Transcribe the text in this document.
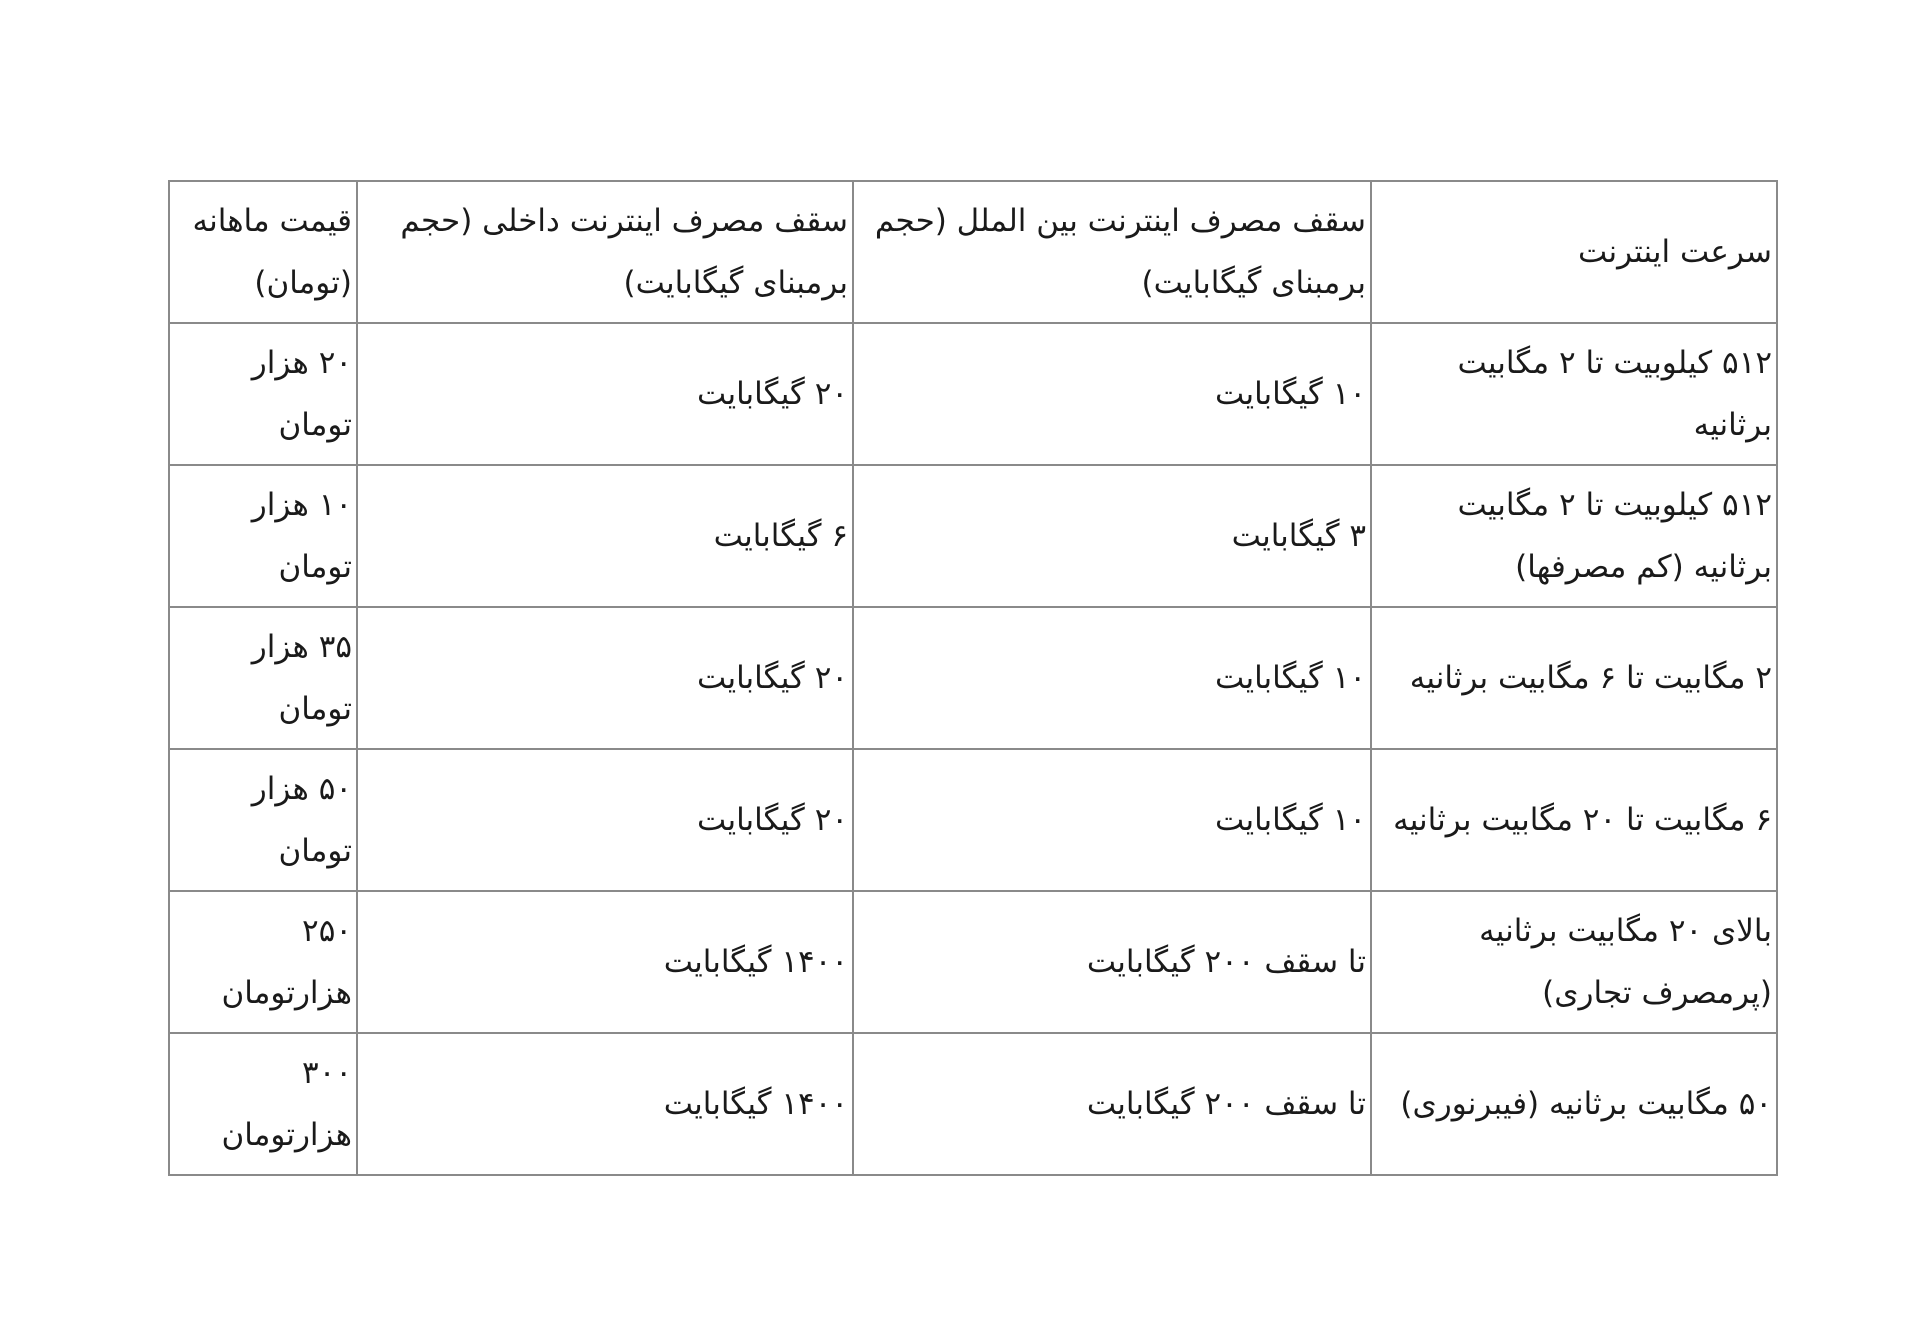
سرعت اینترنت	سقف مصرف اینترنت بین الملل (حجم برمبنای گیگابایت)	سقف مصرف اینترنت داخلی (حجم برمبنای گیگابایت)	قیمت ماهانه (تومان)

۵۱۲ کیلوبیت تا ۲ مگابیت برثانیه	۱۰ گیگابایت	۲۰ گیگابایت	۲۰ هزار تومان

۵۱۲ کیلوبیت تا ۲ مگابیت برثانیه (کم مصرفها)	۳ گیگابایت	۶ گیگابایت	۱۰ هزار تومان

۲ مگابیت تا ۶ مگابیت برثانیه	۱۰ گیگابایت	۲۰ گیگابایت	۳۵ هزار تومان

۶ مگابیت تا ۲۰ مگابیت برثانیه	۱۰ گیگابایت	۲۰ گیگابایت	۵۰ هزار تومان

بالای ۲۰ مگابیت برثانیه (پرمصرف تجاری)	تا سقف ۲۰۰ گیگابایت	۱۴۰۰ گیگابایت	۲۵۰ هزارتومان

۵۰ مگابیت برثانیه (فیبرنوری)	تا سقف ۲۰۰ گیگابایت	۱۴۰۰ گیگابایت	۳۰۰ هزارتومان
